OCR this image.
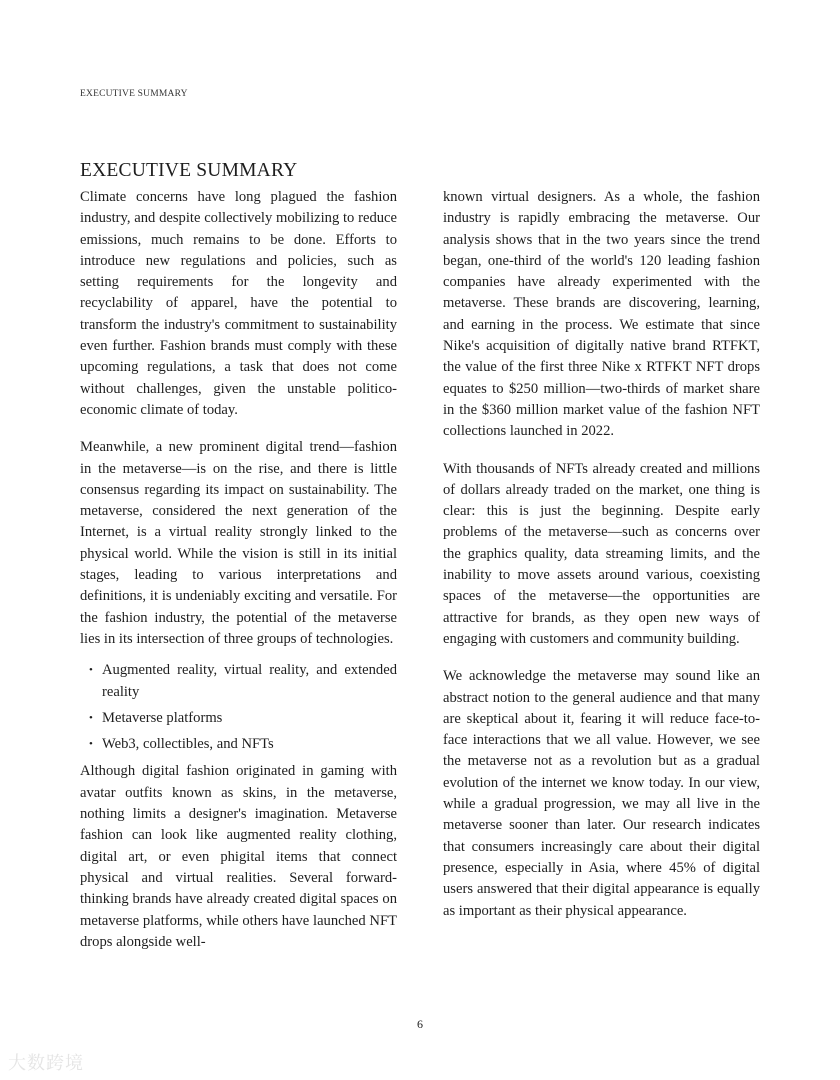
EXECUTIVE SUMMARY
EXECUTIVE SUMMARY

Climate concerns have long plagued the fashion industry, and despite collectively mobilizing to reduce emissions, much remains to be done. Efforts to introduce new regulations and policies, such as setting requirements for the longevity and recyclability of apparel, have the potential to transform the industry's commitment to sustainability even further. Fashion brands must comply with these upcoming regulations, a task that does not come without challenges, given the unstable politico-economic climate of today.

Meanwhile, a new prominent digital trend—fashion in the metaverse—is on the rise, and there is little consensus regarding its impact on sustainability. The metaverse, considered the next generation of the Internet, is a virtual reality strongly linked to the physical world. While the vision is still in its initial stages, leading to various interpretations and definitions, it is undeniably exciting and versatile. For the fashion industry, the potential of the metaverse lies in its intersection of three groups of technologies.

• Augmented reality, virtual reality, and extended reality
• Metaverse platforms
• Web3, collectibles, and NFTs

Although digital fashion originated in gaming with avatar outfits known as skins, in the metaverse, nothing limits a designer's imagination. Metaverse fashion can look like augmented reality clothing, digital art, or even phigital items that connect physical and virtual realities. Several forward-thinking brands have already created digital spaces on metaverse platforms, while others have launched NFT drops alongside well-

known virtual designers. As a whole, the fashion industry is rapidly embracing the metaverse. Our analysis shows that in the two years since the trend began, one-third of the world's 120 leading fashion companies have already experimented with the metaverse. These brands are discovering, learning, and earning in the process. We estimate that since Nike's acquisition of digitally native brand RTFKT, the value of the first three Nike x RTFKT NFT drops equates to $250 million—two-thirds of market share in the $360 million market value of the fashion NFT collections launched in 2022.

With thousands of NFTs already created and millions of dollars already traded on the market, one thing is clear: this is just the beginning. Despite early problems of the metaverse—such as concerns over the graphics quality, data streaming limits, and the inability to move assets around various, coexisting spaces of the metaverse—the opportunities are attractive for brands, as they open new ways of engaging with customers and community building.

We acknowledge the metaverse may sound like an abstract notion to the general audience and that many are skeptical about it, fearing it will reduce face-to-face interactions that we all value. However, we see the metaverse not as a revolution but as a gradual evolution of the internet we know today. In our view, while a gradual progression, we may all live in the metaverse sooner than later. Our research indicates that consumers increasingly care about their digital presence, especially in Asia, where 45% of digital users answered that their digital appearance is equally as important as their physical appearance.

6
大数跨境
